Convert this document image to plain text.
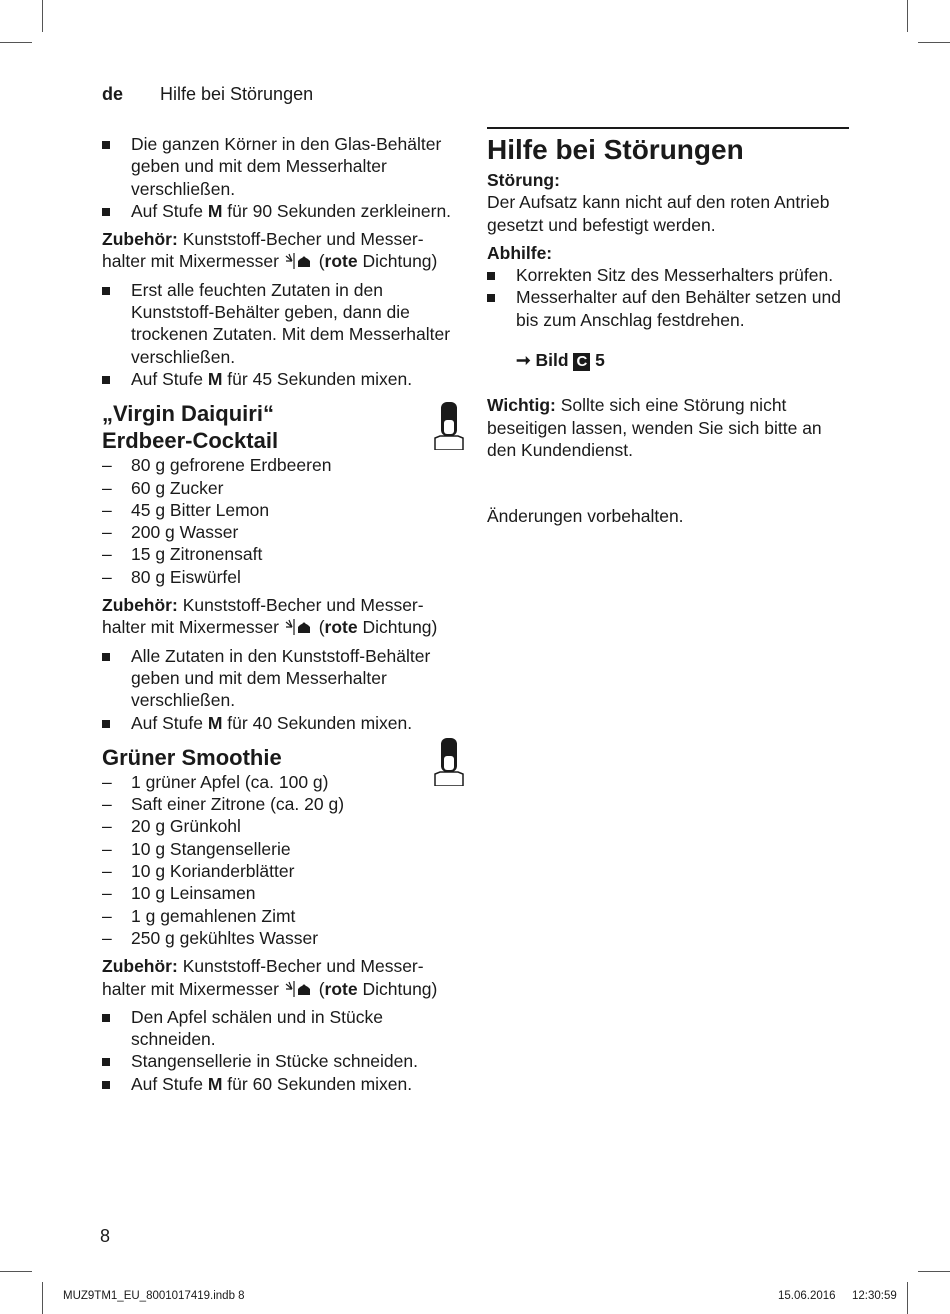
de Hilfe bei Störungen

Die ganzen Körner in den Glas-Behälter geben und mit dem Messerhalter verschließen.

Auf Stufe M für 90 Sekunden zerkleinern.

Zubehör: Kunststoff-Becher und Messer-
halter mit Mixermesser  (rote Dichtung)

Erst alle feuchten Zutaten in den Kunststoff-Behälter geben, dann die trockenen Zutaten. Mit dem Messerhalter verschließen.

Auf Stufe M für 45 Sekunden mixen.

„Virgin Daiquiri“
Erdbeer-Cocktail

– 80 g gefrorene Erdbeeren

– 60 g Zucker

– 45 g Bitter Lemon

– 200 g Wasser

– 15 g Zitronensaft

– 80 g Eiswürfel

Zubehör: Kunststoff-Becher und Messer-
halter mit Mixermesser  (rote Dichtung)

Alle Zutaten in den Kunststoff-Behälter geben und mit dem Messerhalter verschließen.

Auf Stufe M für 40 Sekunden mixen.

Grüner Smoothie

– 1 grüner Apfel (ca. 100 g)

– Saft einer Zitrone (ca. 20 g)

– 20 g Grünkohl

– 10 g Stangensellerie

– 10 g Korianderblätter

– 10 g Leinsamen

– 1 g gemahlenen Zimt

– 250 g gekühltes Wasser

Zubehör: Kunststoff-Becher und Messer-
halter mit Mixermesser  (rote Dichtung)

Den Apfel schälen und in Stücke schneiden.

Stangensellerie in Stücke schneiden.

Auf Stufe M für 60 Sekunden mixen.

Hilfe bei Störungen

Störung:

Der Aufsatz kann nicht auf den roten Antrieb gesetzt und befestigt werden.

Abhilfe:

Korrekten Sitz des Messerhalters prüfen.

Messerhalter auf den Behälter setzen und bis zum Anschlag festdrehen.

➞ Bild C 5

Wichtig: Sollte sich eine Störung nicht beseitigen lassen, wenden Sie sich bitte an den Kundendienst.

Änderungen vorbehalten.

8
MUZ9TM1_EU_8001017419.indb 8	15.06.2016 12:30:59
